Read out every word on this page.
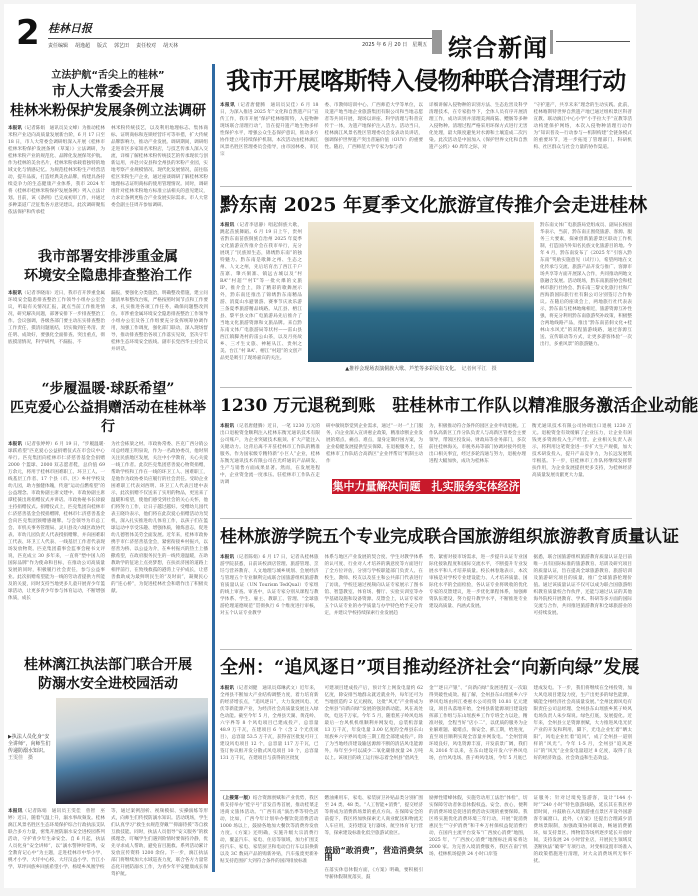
2 桂林日报
责任编辑 胡逸超 版式 郭艺田 责任校对 胡天林	2025 年 6 月 20 日　星期五 综合新闻
立法护航“舌尖上的桂林”
市人大常委会开展
桂林米粉保护发展条例立法调研
本报讯（记者陈娟　通讯员吴文峰）为推动桂林米粉产业迈向高质量发展新台阶，6 月 17 日至 18 日，市人大常委会调研组深入开展《桂林市桂林米粉保护发展条例（草案）》立法调研，为桂林米粉产业的规范化、品牌化发展保驾护航。作为桂林的美食名片，桂林米粉承载着独特的地域文化与情感记忆。为规范桂林米粉生产经营活动，提升品质，打造经典美食品牌，构建具备持续竞争力的生态健康产业体系，我市 2024 年将《桂林市桂林米粉保护发展条例》列入立法计划。目前，该《条例》已完成初审工作，并通过多种渠道广泛征集各方意见建议。此次调研聚焦依法保护和传承桂
林米粉传统技艺，以及利用地理标志、集体商标、证明商标和连锁经营许可等举措，扩大传统品牌影响力，推动产业发展。调研期间，调研组走进市区多家知名米粉店，与技艺传承人深入交流，详细了解桂林米粉传统技艺的传承现状与创新运用，并赴兴安县和全州县的米粉产业园，实地考察产业规模情况、现代化发展情况，前往临桂区米粉生产企业，通过座谈调研了解桂林米粉地理标志证明商标的使用管理情况。同时，调研组针对桂林米粉地方标准立法相关的意见建议，力求让条例更贴合产业发展实际需求。市人大常委会副主任周卉参加调研。
我市部署安排涉重金属
环境安全隐患排查整治工作
本报讯（记者李晓雨）近日，我市召开涉重金属环境安全隐患排查整治工作领导小组办公室会议，听取有关情况汇报，就点当前工作推进情况，研究解决问题，部署安排下一步排查整治工作。会议强调，各级各部门要主动压实排查整治工作责任，摸清问题底结，切实做到任务清、责任明、成效好，要强化全面排查、突出重点，彻底摸清情况，科学研判，不漏报、不
漏报，要强化分类施治，明确整改措施，建立问题清单和整改台账，严格按照时间节点和工作要求，扎实推进各项工作任务，确保问题整改到位。市涉重金属环境安全隐患排查整治工作领导小组办公室及各工作组要充分发挥统筹协调作用，加强工作调度，强化部门联动，深入现场督导，推动排查整治各项工作落实见效，坚决守牢桂林生态环境安全底线。副市长党西华主持会议并讲话。
“步履温暖·球跃希望”
匹克爱心公益捐赠活动在桂林举行
本报讯（记者张婷婷）6 月 19 日，“步履温暖·球跃希望”匹克爱心公益捐赠仪式在市会议中心举行。匹克集团向桂林市仁济慈善基金会捐赠 2000 个篮球、2000 双志愿者鞋，总价值 69 万余元，将用于桂林市困难职工、环卫工人、一线基层工作者、17 个县（市、区）乡村学校及幼儿园，助力强健体魄，传递“运动点燃希望”的公益理念。市政协副主席文建中、市政协副主席谭桂葆出席捐赠仪式并讲话。市政协秘书长徐毅主持捐赠仪式。捐赠仪式上，匹克集团向桂林市仁济慈善基金会授捐赠牌，桂林市仁济慈善基金会向匹克集团颁赠感谢牌。与会领导为市总工会、市机关事务管理局、灵川县及六城区政协代表、市幼儿园负责人代表授捐赠牌，并向困难职工代表、环卫工人代表、一线基层工作者代表现场发放物资。匹克集团董事会监事会秘书文评说，匹克成立 30 多年来，一直将“塑中国人的国际品牌”作为使命和目标，在推动公司高质量发展的同时，积极履行社会责任，参与公益事业。此次捐赠希望能为一线的劳动者提供力所能及的关爱，同时支持当地更多儿童开展青少年篮球活动，让更多青少年参与体育运动，不断增强体质，成长
为社会栋梁之材。市政协常委、匹克广西分销公司总经理王明泉说，作为一名政协委员，他时刻关注民族地区发展，关注中小学教育，关心关爱一线工作者。此次匹克集团慈善爱心物资捐赠，帮助学校和工作在一线的环卫工人、困难职工，是他作为政协委员应履行的社会责任。受助企业困难职工代表刘西明、环卫工人代表吕建中表示，此次捐赠不仅送来了实用的物品，更送来了温暖和希望，使他们感受到社会的关心关怀，他们将努力工作，让日子越过越好。受赠幼儿园代表王晓玲表示，他们将在此次爱心捐赠活动为契机，深入扎实推进幼儿体育工作，以孩子们在篮球运动中享受乐趣、增强体质，锤炼意志，促进幼儿德智体美劳全面发展。近年来，桂林市政协携手市仁济慈善基金会，紧密衔接乡村振兴，以慈善为桥、以公益为介，在乡村振兴的热土上播撒希望，在政府服务民生的一线传递温暖，在助教助学的征途上点亮梦想，在扶贫济困的道路上相伴前行，在致残救孤的港湾上守护成长，让慈善救助成为最鲜明民生的“及时雨”，凝聚民心的“连心桥”，为促进桂林社会和谐作出了积极贡献。
桂林漓江执法部门联合开展
防溺水安全进校园活动
▶执法人员化身“安全讲师”，向师生们传递防溺水知识。
王雯佳　摄
本报讯（记者陈娟　通讯员王雯佳　曾智　巫婷）近日，随着气温上升，溺水事故频发。桂林漓江风景名胜区生态环境保护综合行政执法支队联合多方力量，密集开展防溺水安全进校园系列活动，守护青少年生命安全。自 6 月起，执法人员化身“安全讲师”，以“溺水警钟时常鸣，安全教育记心中”为主题，走进桂林市中华小学、桃才小学、大圩中心校、大圩汉益小学、竹江小学、草坪回族乡回族希望小学、杨堤乡凤凰学校
等，通过案例剖析、视频模拟、实操演练等形式，向师生们传授防溺水知识。活动现场，学生们认真学习“救生衣规范穿戴”“抑溺待援”等自救互救技能。同时，执法人员倡导“安义服务”的救援理念，叮嘱学生们遇到险情时要保持冷静，优先寻求成人帮助，避免盲目施救。系列活动累计发放宣传资料 1200 余份。下一步，漓江执法部门将继续加大水域巡查力度，联合各方力量常态化开展防溺水工作，为青少年平安健康成长保驾护航。
我市开展喀斯特入侵物种联合清理行动
本报讯（记者唐健腾　通讯员吴佳）6 月 18 日，为深入推进 2025 年“文化和自然遗产日”宣传工作，我市开展“保护桂林喀斯特，入侵物种现场联合清理行动”，旨在提升遗产地生物多样性保护水平，增强公众生态保护意识，推动多方协作建立可持续保护机制。本次活动由桂林漓江风景名胜区管理委员会指导，由市园林委、市民宗
委、市教师培训中心、广西师范大学等单位，以及遗产地当地企业旅游集团有限公司和当地志愿者等共同开展，现场以讲座、科学清理与科普宣传于一体，为遗产地保护注入活力。活动当日，桂林漓江风景名胜区管理委员会发表动员讲话，强调保护世界遗产突出普遍价值（OUV）的重要性。随后，广西师范大学专家为参与者
详细讲解入侵物种的识别方法、生态危害及科学清理技术，在专家指导下，全体人员有序开展清理工作，成功识别并清理美洲商陆、鳢肠等多种入侵物种。清理过程严格采用环保方式进行无害化处理，最大限度避免对水源和土壤造成二次污染。此次活动是中国加入《保护世界文化和自然遗产公约》40 周年之际，对
“守护遗产，共享未来”理念的生动实践。此前，桂林喀斯特世界自然遗产地已通过组织景区科普宣教、联动漓江中心小学“小手拉大手”宣教等活动构建保护网络，本次入侵物种清理行动作为“知识普及—行动参与—机制构建”全链条模式的重要环节，进一步拓宽了管理部门、科研机构、社区群众与社会力量的协作渠道。
黔东南 2025 年夏季文化旅游宣传推介会走进桂林
本报讯（记者李思静）唱起侗族大歌，跳起苗族舞蹈。6 月 19 日上午，贵州省黔东南苗族侗族自治州 2025 年夏季文化旅游宣传推介会在我市举行，充分展现了“民族原生态，锦绣黔东南”的独特魅力。黔东南是歌舞之州、生态之州、人文之州，先后培育出了西江千户苗寨、肇兴侗寨、镇远古城以及“村 BA”“村超”“村T”等一批火爆的文旅 IP。推介会上，除了精彩的歌舞展示外，黔东南还推出了锦绣黔东南精品游、消夏山水避暑游、赛事节庆欢乐游三条夏季旅游精品线路。从江县、榕江县、黎平县文体广电旅游局先后推介了当地文化旅游资源和文旅品牌。来自黔东南文体广电旅游局等状村——雷山县西江镇脚尧村的雷公山茶，以及月亮故乡、三才生文旅、神秘从江、贵州之美、台江“村 BA”、榕江“村超”的文创产品更是吸引了现场嘉宾的关注。
▲推荐会现场表演侗族大歌、芦笙等多彩民俗文化。　 记者何平江　摄
黔东南文体广电旅游局党组成员、副局长杨国华表示，当前，黔东南正围绕旅游、客源、服务三大要素，探索创新旅游景区联动工作机制，打造国内外知名民族文化旅游目的地。今年 4 月，黔东南发布了《2025 年“引客入黔东南”奖励实施意见（试行）》，希望两地在文化传承与交流、旅游产品开发与推广、客源市场共享等方面开展深入合作，共同推动两地文旅融合发展。活动现场，黔东南旅游协会和桂林市旅行社协会、黔东南三黎文化旅行社和广西海韵国际旅行社有限公司分别签订合作协议。在随后的座谈会上，两地旅行社代表表示，黔东南与桂林地缘相近，旅游资源互补性强，将充分利用黔东南旅游奖补政策，积极整合两地线路产品，推出“黔东南苗侗文化+桂林山水风光”的双程旅游线路，通过客源互送、宣传联动等方式，让更多游客体验“一次出行，多重风景”的旅游魅力。
1230 万元退税到账　驻桂林市工作队以精准服务激活企业动能
本报讯（记者唐健腾）近日，一笔 1230 万元的出口退税资金顺利注入桂林东衡光通讯技术有限公司账户，为企业突破技术瓶颈、扩大产能注入关键动力。这背后离不开驻桂林市工作队的精准服务。作为国家级专精特新“小巨人”企业，桂林东衡光通讯技术有限公司在光纤通讯产品研发、生产与销售方面成果显著。然而，在发展进程中，企业资金流一度承压。驻桂林市工作队在走访调
研中敏锐察觉到企业需求，通过“一对一”上门服务，向企业深入宣讲惠企政策，精准诊断企业发展的堵点、痛点、难点，量身定制纾困方案，为企业稳健发展提供坚实保障。在退税服务上，驻桂林市工作队结合高新区“企业伴帮员”机制主动作
为，积极推动符合条件的园区企业申请退税。工作队高新区工作分队负责人与高新区管委会主要领导，带领区投发局、财政局等业务部门，多次前往桂林海关、市税务局等部门协调对接外贸进出口相关事宜，经过多轮沟通与努力，退税办理进程大幅加快，成功为桂林东
集中力量解决问题　扎实服务实体经济
衡光通讯技术有限公司协调出口退税 1230 万元。退税资金有效缓解了企业压力，让企业有闲钱更多资源投入生产经营。企业相关负责人表示，将利用这笔资金进一步扩大生产规模，加大技术研发投入，提升产品竞争力，为长远发展筑牢根基。下一步，驻桂林市工作队将继续发挥帮扶作用，为企业发展提供更多支持，为桂林经济高质量发展贡献更大力量。
桂林旅游学院五个专业完成联合国旅游组织旅游教育质量认证
本报讯（记者陈娟）6 月 17 日，记者从桂林旅游学院获悉，日前该校酒店管理、旅游管理、烹饪与营养教育、人文地理与城乡规划、会展经济与管理五个专业顺利完成联合国旅游组织旅游教育质量认证（UN Tourism TedQual）专家组的线上审查。审查中，认证专家分别从课程与教学体系、学生、雇主、教职工、管理、“全球旅游伦理道德规范”贯彻执行 6 个维度进行审核，对五个认证专业教学
体系与地区产业发展的契合度、学生对教学体系的认可度、行业对人才培养的满意度等方面进行了全方位评估，分别与学校职能部门负责人、在校生、教师、校友以及驻主和公共部门代表进行了访谈。学校还通过视频向认证专家展示了图书馆、智慧教室、体育场、餐厅、实验实训室等办学基础设施和设备资源。反馈会上，认证专家对五个认证专业的办学质量与办学特色给予充分肯定，并建议学校持续探索行业发展趋
势、紧密对接市场需求，进一步提升认证专业国际化接轨程度和国际交流水平，不断提升专业发展水平和人才培养质量。校长林春逸表示，本次审核是对学校专业建设能力、人才培养质量、国际化水平的全面检验，各认证专业将吸收的优化专家的反馈建议，进一步优化课程体系，加强师资队伍建设，努力提升教学水平，不断推进专业建设高质量、内涵式发展。
据悉，联合国旅游组织旅游教育质量认证是目前唯一具有国际标准的旅游教育、培训及研究项目的质量认证，旨在提高全球旅游教育、旅游培训及旅游研究项目的质量，推广全球旅游伦理价值。通过该质量认证不仅可以成为联合国旅游组织教育质量校合作伙伴，还能与通过认证的其他海外院校开展教育、学术、科研等多方面的国际交流与合作，共同推进旅游教育和全球旅游业的可持续发展。
全州：“追风逐日”项目推动经济社会“向新向绿”发展
本报讯（记者刘健　通讯员郑琳武文）近年来，全州县不断加大产业结构调整力度，着力培育新的经济增长点，“追风逐日”，大力发展风电、光伏等新能源产业，为经济社会高质量发展注入绿色动能。截至今年 5 月，全州县天湖、黄花岭、六字界等 8 个风电项目已建成投产，总容量 48.9 万千瓦，在建项目 6 个（含 2 个光伏项目），总容量 53.5 万千瓦，获得省区批复可开工建设风电项目 12 个，总容量 117 万千瓦，已签订协议框开发分散式风电项目 10 个，总容量 131 万千瓦，在建项目与获得的区批复
可建项目建成投产后，预计年上网发电量约 62 亿度，除安排当地群众就近就业外，每年还可为当地创造约 2 亿元税收，这批“风光”产业将成为全州县“向新向绿”发展的强劲新动能。风在高处吹，电送千万家。今年 5 月，随着蕉子岭风电场最后一台风机机组顺利并网发电，总装机容量 13 万千瓦，年发电量 3.00 亿度的全州县东山瑶族乡六字界风电场三期工程全部建成投产。除了为当地经济建设输送源源不断的清洁风电能源外，每年至少可以减少二氧化碳排放量 24 万吨以上。该项目的竣工运行标志着全州县“倡风生
金”“逐日产银”、“向新向绿”发展进程又一次取得突破性成效。据了解，全州县东山瑶族乡六字界风电场由何江委惠水公司投资 10.81 亿元建设，项目从落地开始，全州县新能源项目建设指挥部工作组与东山瑶族乡工作专班全力以赴，精准对接，全程当好“店小二”，以优质的服务为企业解难题、破堵点、保安全、抓工期，给进度，直至项目顺利实现全容量并网发电。“全州营商环境良好，风电资源丰富，开发前景广阔，我们从 2016 年以来，在东山建设开发六字界风电场，白竹风电场、蕉子岭风电场，今年 5 月底已
建成发电。下一步，我们将继续在全州投资，加大风电项目建设力度，生产出更多的绿色能源，赋能全州经济社会高质量发展。”全州沈源风电有限责任公司总经理、全州县东山瑶族乡蕉子岭风电场负责人朱少琛说。绿色打底，发展提化。近年来，全州县立足资源禀赋，大力推进风电光伏产业的开发和利用，脚下，光电企业忙着“晒太阳”，风电企业忙着“追风”，成了全州县一道别样的“风光”。今年 1-5 月，全州县“追风逐日”的“风光”企业发电量超过 8 亿度，取得了良好的经济效益、社会效益和生态效益。
（上接第一版）结合资源禀赋和产业优势，我区将支持举办“桂字号”首发首秀首展，推动桂菜走进商文旅体活动。“广西有戏”演出季等特色活动，比如，广西今年计划举办餐饮促消费活动 1000 场以上，鼓励各地加大餐饮等消费券发放力度。《方案》还明确，实施升级大宗消费行动，覆盖汽车、家电、住房等领域，加力扩围支持汽车、家电、家装厨卫和电动自行车以旧换新以及 3C 数码产品的购新补贴，汽车报废更新补贴支持范围扩大到符合条件的国四排放标准
燃油乘用车，家电、家装厨卫补贴品类分别扩围至 24 类、48 类。“人工智能+消费”，提交经济等将成为消费新场景的重点方向。在保障安全的前提下，我区将加快探索无人商业配送和物流无人车应用，支持建设飞行器场、航空体育飞行营等，探索建设标准化低空旅游试验区。
鼓励“敢消费”，营造消费氛围
在落实休息休假方面，《方案》明确，要积极引导薪休假制度落实，鼓
励弹性错峰休假，实施劳动用工法治“体检”，切实保障劳动者休息休假权益。安全、放心，便利的消费环境是促进消费活动实现的重要保障。我区将实施优化消费环境三年行动，开展“促消费惠民生”“守护消费”和千乡万村保权益促消费行动，在国内主流平台发布“广西放心消费”地图，2025 年，“广西放心消费”地图标注商家将达 2000 家。为完善入境消费服务，我区在南宁机场、桂林机场提供 24 小时口岸签
证服务；针对过境免签游客，设计“144 小时”“240 小时”特色旅游线路，延长其在我区停留时间，并鼓励在入境旅游重点景区开设外国游客专属窗口。此外，《方案》还提出合理减少消费场景限制，加强政策协同联动，畅通消费循环，如支持景区、博物馆等场所逐步延长开放时间，支持发展 24 小时营业店，开展民生领域反垄断执法“破零”专项行动，对变相设置市场准入的政策措施进行清理，对大众消费场所无事不扰。
